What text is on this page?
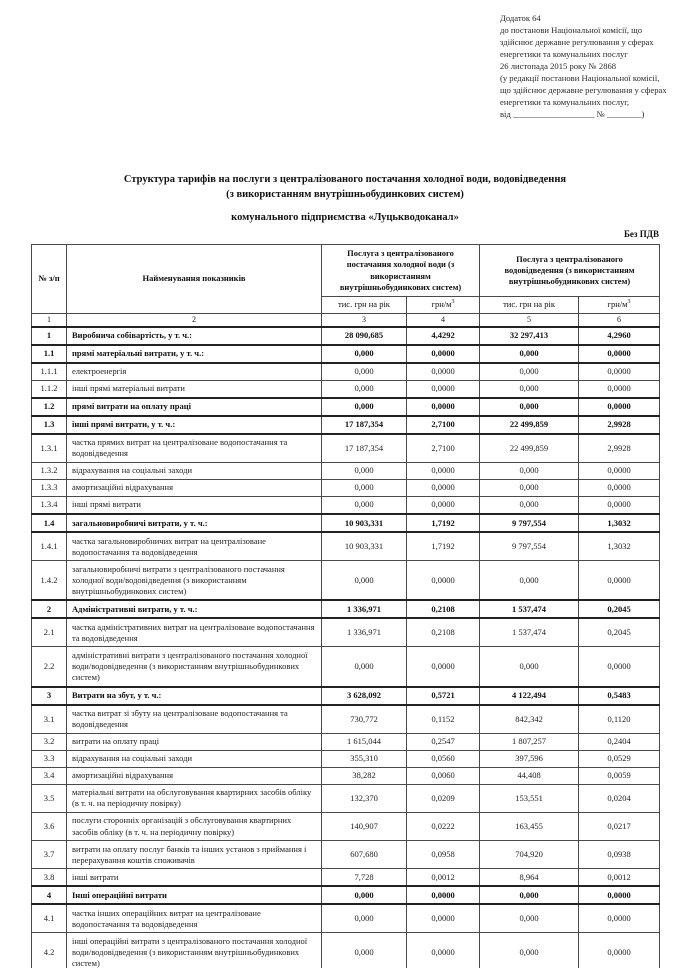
Додаток 64
до постанови Національної комісії, що
здійснює державне регулювання у сферах
енергетики та комунальних послуг
26 листопада 2015 року № 2868
(у редакції постанови Національної комісії,
що здійснює державне регулювання у сферах
енергетики та комунальних послуг,
від ___________________ № ________)
Структура тарифів на послуги з централізованого постачання холодної води, водовідведення
(з використанням внутрішньобудинкових систем)
комунального підприємства «Луцькводоканал»
Без ПДВ
№ з/п	Найменування показників	Послуга з централізованого постачання холодної води (з використанням внутрішньобудинкових систем)		Послуга з централізованого водовідведення (з використанням внутрішньобудинкових систем)	
		тис. грн на рік	грн/$м^3$	тис. грн на рік	грн/$м^3$
1	2	3	4	5	6
1	Виробнича собівартість, у т. ч.:	28 090,685	4,4292	32 297,413	4,2960
1.1	прямі матеріальні витрати, у т. ч.:	0,000	0,0000	0,000	0,0000
1.1.1	електроенергія	0,000	0,0000	0,000	0,0000
1.1.2	інші прямі матеріальні витрати	0,000	0,0000	0,000	0,0000
1.2	прямі витрати на оплату праці	0,000	0,0000	0,000	0,0000
1.3	інші прямі витрати, у т. ч.:	17 187,354	2,7100	22 499,859	2,9928
1.3.1	частка прямих витрат на централізоване водопостачання та водовідведення	17 187,354	2,7100	22 499,859	2,9928
1.3.2	відрахування на соціальні заходи	0,000	0,0000	0,000	0,0000
1.3.3	амортизаційні відрахування	0,000	0,0000	0,000	0,0000
1.3.4	інші прямі витрати	0,000	0,0000	0,000	0,0000
1.4	загальновиробничі витрати, у т. ч.:	10 903,331	1,7192	9 797,554	1,3032
1.4.1	частка загальновиробничих витрат на централізоване водопостачання та водовідведення	10 903,331	1,7192	9 797,554	1,3032
1.4.2	загальновиробничі витрати з централізованого постачання холодної води/водовідведення (з використанням внутрішньобудинкових систем)	0,000	0,0000	0,000	0,0000
2	Адміністративні витрати, у т. ч.:	1 336,971	0,2108	1 537,474	0,2045
2.1	частка адміністративних витрат на централізоване водопостачання та водовідведення	1 336,971	0,2108	1 537,474	0,2045
2.2	адміністративні витрати з централізованого постачання холодної води/водовідведення (з використанням внутрішньобудинкових систем)	0,000	0,0000	0,000	0,0000
3	Витрати на збут, у т. ч.:	3 628,092	0,5721	4 122,494	0,5483
3.1	частка витрат зі збуту на централізоване водопостачання та водовідведення	730,772	0,1152	842,342	0,1120
3.2	витрати на оплату праці	1 615,044	0,2547	1 807,257	0,2404
3.3	відрахування на соціальні заходи	355,310	0,0560	397,596	0,0529
3.4	амортизаційні відрахування	38,282	0,0060	44,408	0,0059
3.5	матеріальні витрати на обслуговування квартирних засобів обліку (в т. ч. на періодичну повірку)	132,370	0,0209	153,551	0,0204
3.6	послуги сторонніх організацій з обслуговування квартирних засобів обліку (в т. ч. на періодичну повірку)	140,907	0,0222	163,455	0,0217
3.7	витрати на оплату послуг банків та інших установ з приймання і перерахування коштів споживачів	607,680	0,0958	704,920	0,0938
3.8	інші витрати	7,728	0,0012	8,964	0,0012
4	Інші операційні витрати	0,000	0,0000	0,000	0,0000
4.1	частка інших операційних витрат на централізоване водопостачання та водовідведення	0,000	0,0000	0,000	0,0000
4.2	інші операційні витрати з централізованого постачання холодної води/водовідведення (з використанням внутрішньобудинкових систем)	0,000	0,0000	0,000	0,0000
